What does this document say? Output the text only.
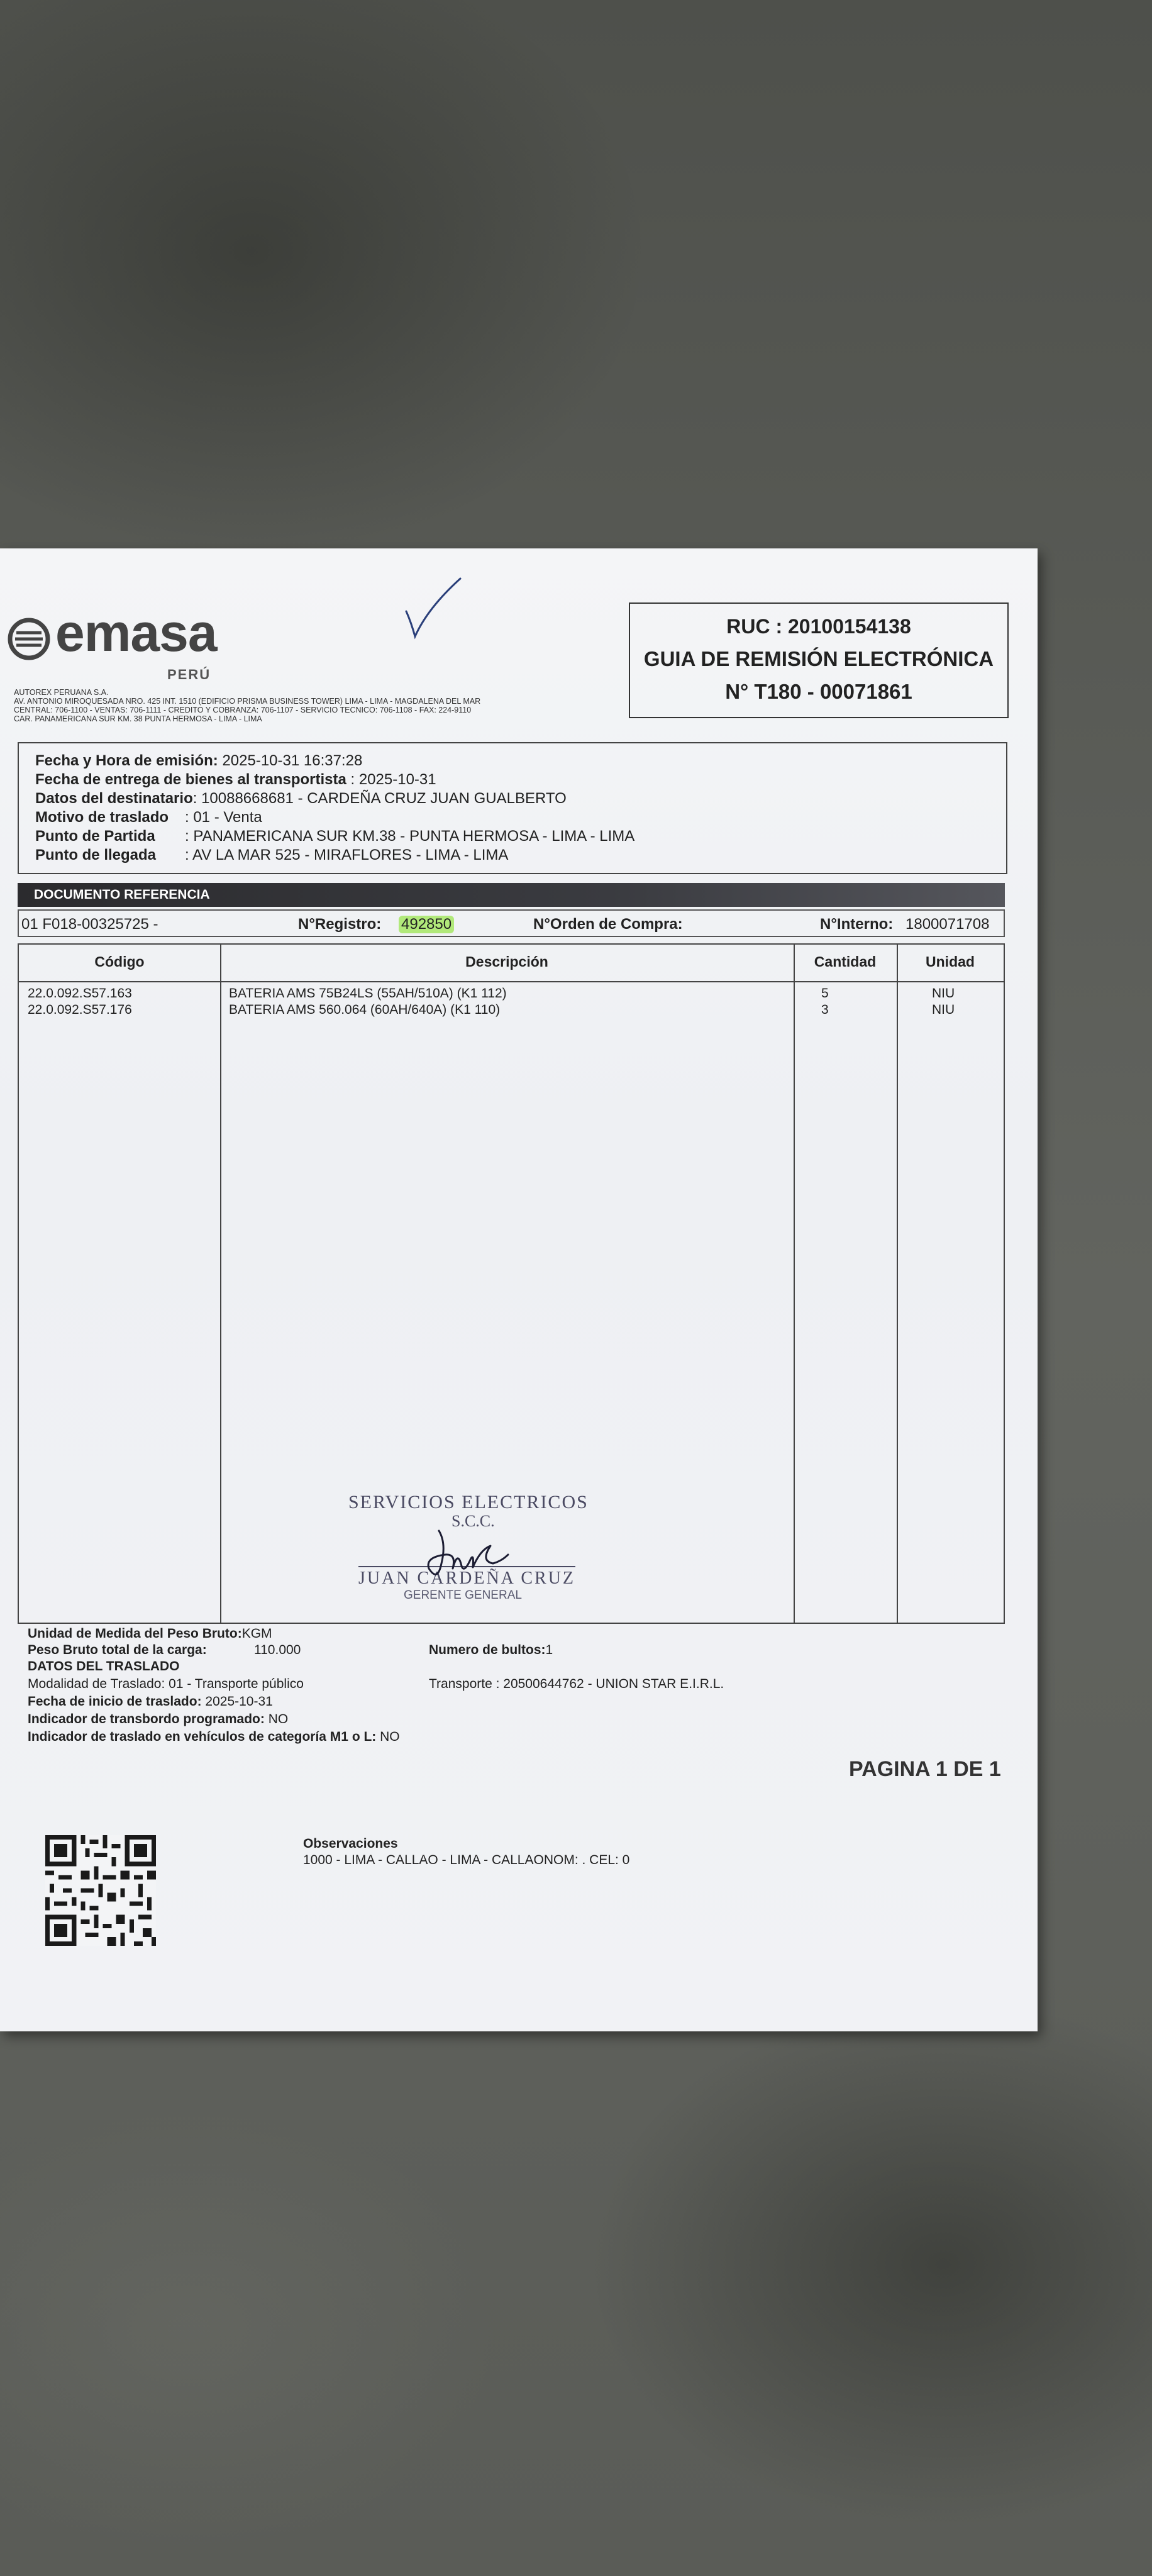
emasa
PERÚ
AUTOREX PERUANA S.A.
AV. ANTONIO MIROQUESADA NRO. 425 INT. 1510 (EDIFICIO PRISMA BUSINESS TOWER) LIMA - LIMA - MAGDALENA DEL MAR
CENTRAL: 706-1100 - VENTAS: 706-1111 - CREDITO Y COBRANZA: 706-1107 - SERVICIO TECNICO: 706-1108 - FAX: 224-9110
CAR. PANAMERICANA SUR KM. 38 PUNTA HERMOSA - LIMA - LIMA
RUC : 20100154138
GUIA DE REMISIÓN ELECTRÓNICA
N° T180 - 00071861
Fecha y Hora de emisión: 2025-10-31 16:37:28
Fecha de entrega de bienes al transportista : 2025-10-31
Datos del destinatario: 10088668681 - CARDEÑA CRUZ JUAN GUALBERTO
Motivo de traslado : 01 - Venta
Punto de Partida : PANAMERICANA SUR KM.38 - PUNTA HERMOSA - LIMA - LIMA
Punto de llegada : AV LA MAR 525 - MIRAFLORES - LIMA - LIMA
DOCUMENTO REFERENCIA
01 F018-00325725 -	N°Registro: 492850	N°Orden de Compra:	N°Interno: 1800071708
Código	Descripción	Cantidad	Unidad
22.0.092.S57.163	BATERIA AMS 75B24LS (55AH/510A) (K1 112)	5	NIU
22.0.092.S57.176	BATERIA AMS 560.064 (60AH/640A) (K1 110)	3	NIU
SERVICIOS ELECTRICOS
S.C.C.
JUAN CARDEÑA CRUZ
GERENTE GENERAL
Unidad de Medida del Peso Bruto:KGM
Peso Bruto total de la carga:	110.000	Numero de bultos:1
DATOS DEL TRASLADO
Modalidad de Traslado: 01 - Transporte público	Transporte : 20500644762 - UNION STAR E.I.R.L.
Fecha de inicio de traslado: 2025-10-31
Indicador de transbordo programado: NO
Indicador de traslado en vehículos de categoría M1 o L: NO
PAGINA 1 DE 1
Observaciones
1000 - LIMA - CALLAO - LIMA - CALLAONOM: . CEL: 0
